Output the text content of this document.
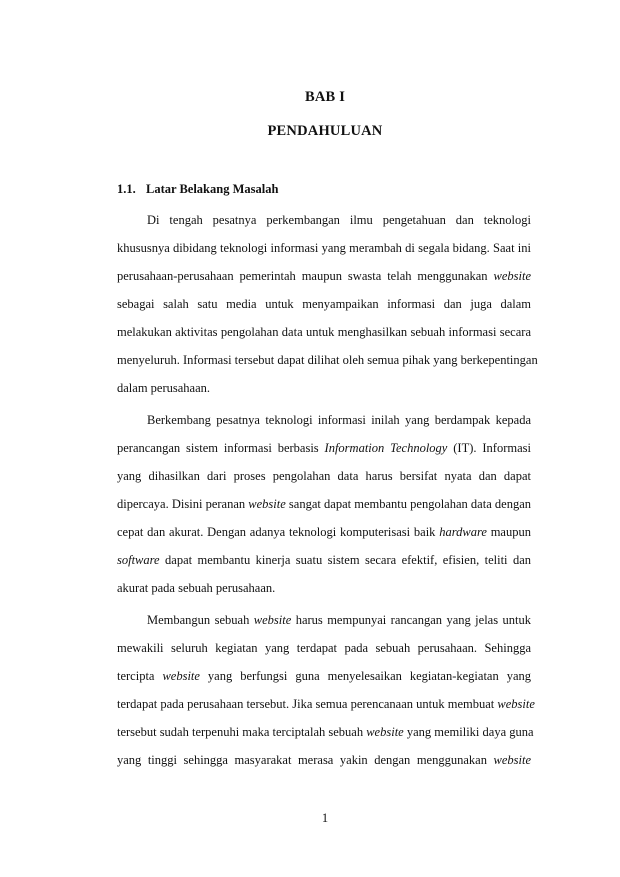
BAB I
PENDAHULUAN
1.1. Latar Belakang Masalah
Di tengah pesatnya perkembangan ilmu pengetahuan dan teknologi
khususnya dibidang teknologi informasi yang merambah di segala bidang. Saat ini
perusahaan-perusahaan pemerintah maupun swasta telah menggunakan website
sebagai salah satu media untuk menyampaikan informasi dan juga dalam
melakukan aktivitas pengolahan data untuk menghasilkan sebuah informasi secara
menyeluruh. Informasi tersebut dapat dilihat oleh semua pihak yang berkepentingan
dalam perusahaan.
Berkembang pesatnya teknologi informasi inilah yang berdampak kepada
perancangan sistem informasi berbasis Information Technology (IT). Informasi
yang dihasilkan dari proses pengolahan data harus bersifat nyata dan dapat
dipercaya. Disini peranan website sangat dapat membantu pengolahan data dengan
cepat dan akurat. Dengan adanya teknologi komputerisasi baik hardware maupun
software dapat membantu kinerja suatu sistem secara efektif, efisien, teliti dan
akurat pada sebuah perusahaan.
Membangun sebuah website harus mempunyai rancangan yang jelas untuk
mewakili seluruh kegiatan yang terdapat pada sebuah perusahaan. Sehingga
tercipta website yang berfungsi guna menyelesaikan kegiatan-kegiatan yang
terdapat pada perusahaan tersebut. Jika semua perencanaan untuk membuat website
tersebut sudah terpenuhi maka terciptalah sebuah website yang memiliki daya guna
yang tinggi sehingga masyarakat merasa yakin dengan menggunakan website
1
